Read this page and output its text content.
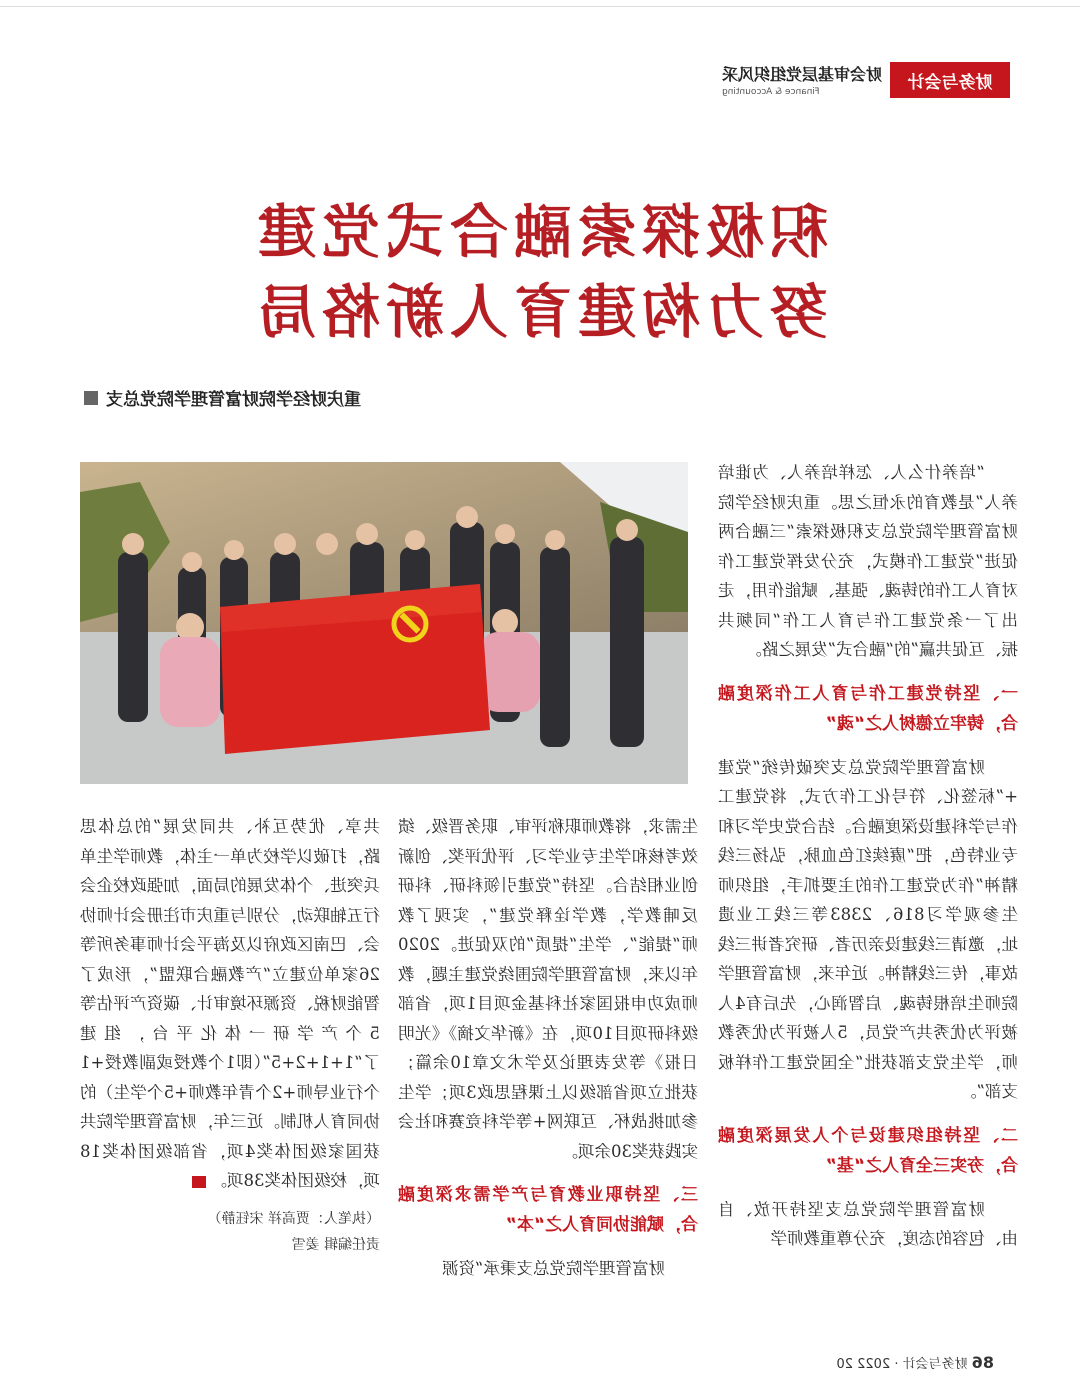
财会审基层党组织风采
Finance & Accounting	财务与会计
积极探索融合式党建
努力构建育人新格局
重庆财经学院财富管理学院党总支

“培养什么人、怎样培养人、为谁培养人”是教育的永恒之思。重庆财经学院财富管理学院党总支积极探索“三融合两促进”党建工作模式，充分发挥党建工作对育人工作的铸魂、强基、赋能作用，走出了一条党建工作与育人工作“同频共振、互促共赢”的“融合式”发展之路。

一、坚持党建工作与育人工作深度融合，铸牢立德树人之“魂”

财富管理学院党总支突破传统“党建+”标签化、符号化工作方式，将党建工作与学科建设深度融合。结合党史学习和专业特色，把“赓续红色血脉，弘扬三线精神”作为党建工作的主要抓手，组织师生参观学习816、2383等三线工业遗址，邀请三线建设亲历者、研究者讲三线故事，传三线精神。近年来，财富管理学院师生培根铸魂、启智润心，先后有4人被评为优秀共产党员，5人被评为优秀教师，学生党支部获批“全国党建工作样板支部”。

二、坚持组织建设与个人发展深度融合，夯实三全育人之“基”

财富管理学院党总支坚持开放、自由、包容的态度，充分尊重教师学

生需求，将教师职称评审、职务晋级、绩效考核和学生专业学习、评优评奖、创新创业相结合。坚持“党建引领科研、科研反哺教学，教学诠释党建”，实现了教师“提能”、学生“提质”的双促进。2020年以来，财富管理学院围绕党建主题，教师成功申报国家社科基金项目1项，省部级科研项目10项，在《新华文摘》《光明日报》等发表理论及学术文章10余篇；获批立项省部级以上课程思政3项；学生参加挑战杯、互联网+等学科竞赛和社会实践获奖30余项。

三、坚持职业教育与产学需求深度融合，赋能协同育人之“本”

财富管理学院党总支秉承“资源

共享、优势互补、共同发展”的总体思路，打破以学校为单一主体，教师学生单兵突进、个体发展的局面，加强政校企会行五轴联动，分别与重庆市注册会计师协会、巴南区政府以及海平会计师事务所等26家单位建立“产教融合联盟”，形成了智能财税、资源环境审计、碳资产评估等5个产学研一体化平台，组建了“1+1+2+5”（即1个教授或副教授+1个行业导师+2个青年教师+5个学生）的协同育人机制。近三年，财富管理学院共获国家级团体奖4项，省部级团体奖18项，校级团体奖38项。

（执笔人：贾高祥 宋钰静）

责任编辑 姜雪

86 财务与会计 · 2022 20
